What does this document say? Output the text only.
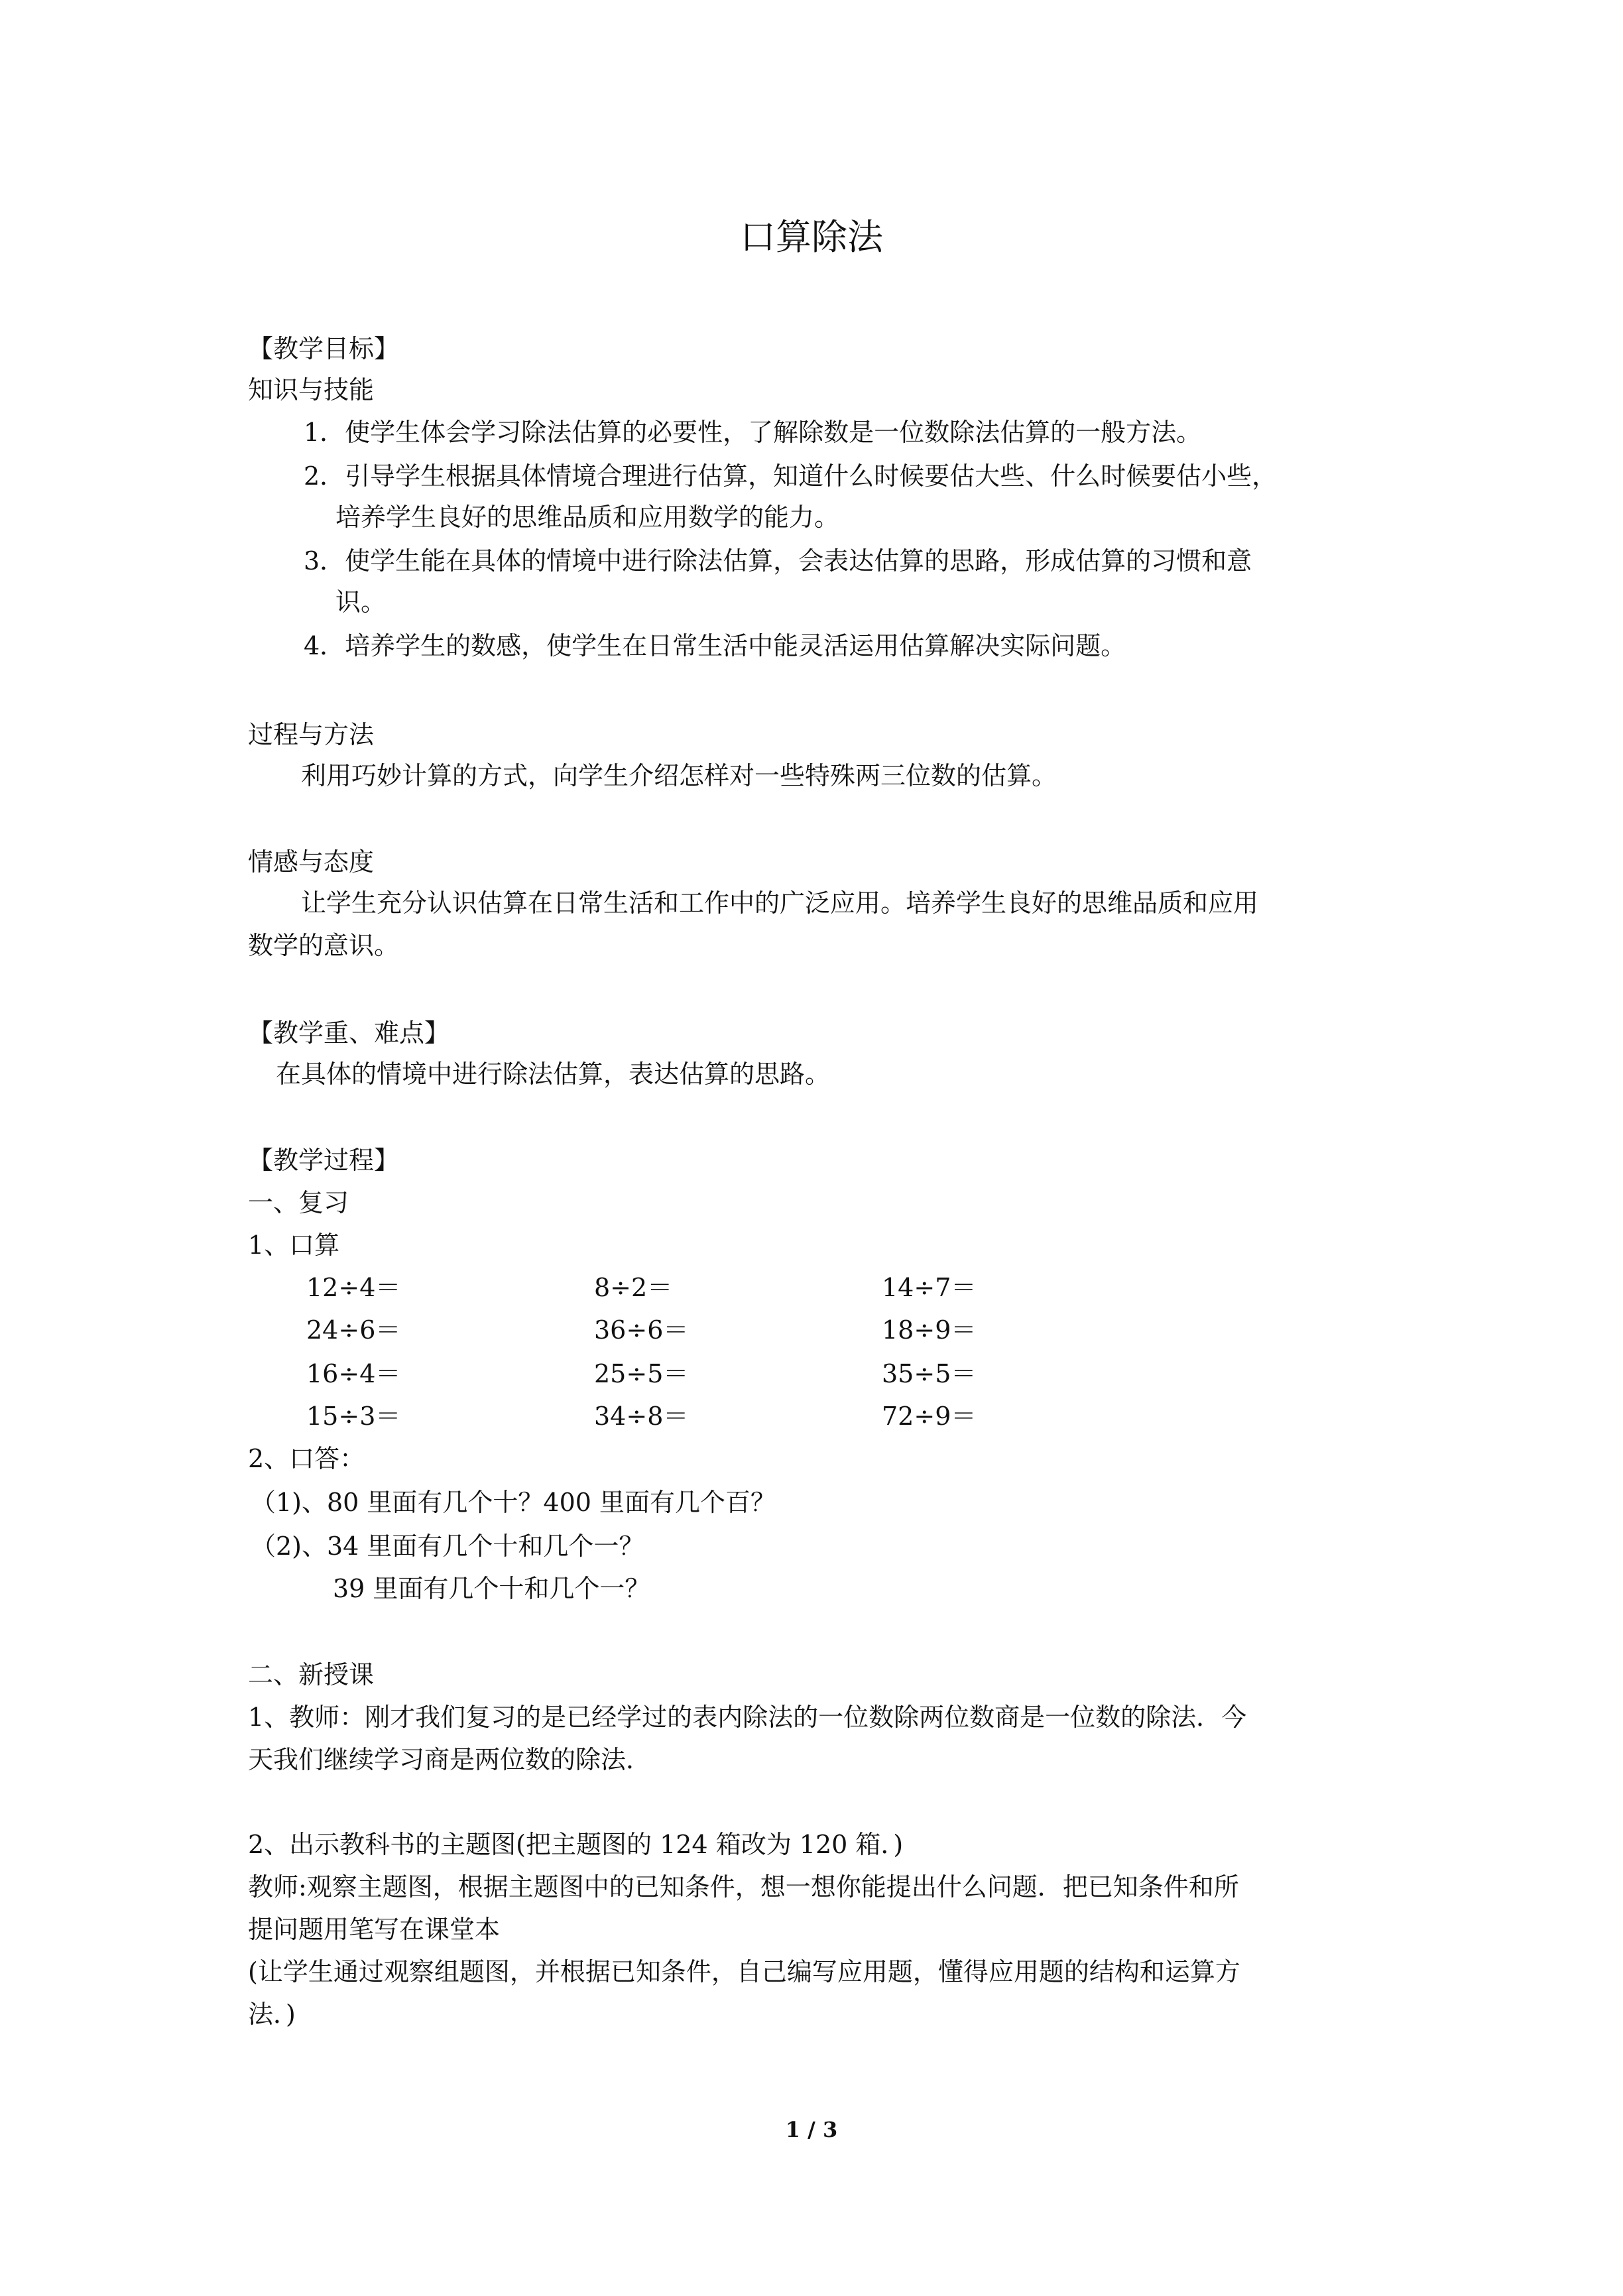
口算除法
【教学目标】
知识与技能
1．使学生体会学习除法估算的必要性，了解除数是一位数除法估算的一般方法。
2．引导学生根据具体情境合理进行估算，知道什么时候要估大些、什么时候要估小些，
培养学生良好的思维品质和应用数学的能力。
3．使学生能在具体的情境中进行除法估算，会表达估算的思路，形成估算的习惯和意
识。
4．培养学生的数感，使学生在日常生活中能灵活运用估算解决实际问题。
过程与方法
利用巧妙计算的方式，向学生介绍怎样对一些特殊两三位数的估算。
情感与态度
让学生充分认识估算在日常生活和工作中的广泛应用。培养学生良好的思维品质和应用
数学的意识。
【教学重、难点】
在具体的情境中进行除法估算，表达估算的思路。
【教学过程】
一、复习
1、口算
12÷4＝	8÷2＝	14÷7＝
24÷6＝	36÷6＝	18÷9＝
16÷4＝	25÷5＝	35÷5＝
15÷3＝	34÷8＝	72÷9＝
2、口答：
（1)、80 里面有几个十？400 里面有几个百？
（2)、34 里面有几个十和几个一？
39 里面有几个十和几个一？
二、新授课
1、教师：刚才我们复习的是已经学过的表内除法的一位数除两位数商是一位数的除法．今
天我们继续学习商是两位数的除法．
2、出示教科书的主题图(把主题图的 124 箱改为 120 箱．)
教师:观察主题图，根据主题图中的已知条件，想一想你能提出什么问题．把已知条件和所
提问题用笔写在课堂本
(让学生通过观察组题图，并根据已知条件，自己编写应用题，懂得应用题的结构和运算方
法．)
1 / 3
